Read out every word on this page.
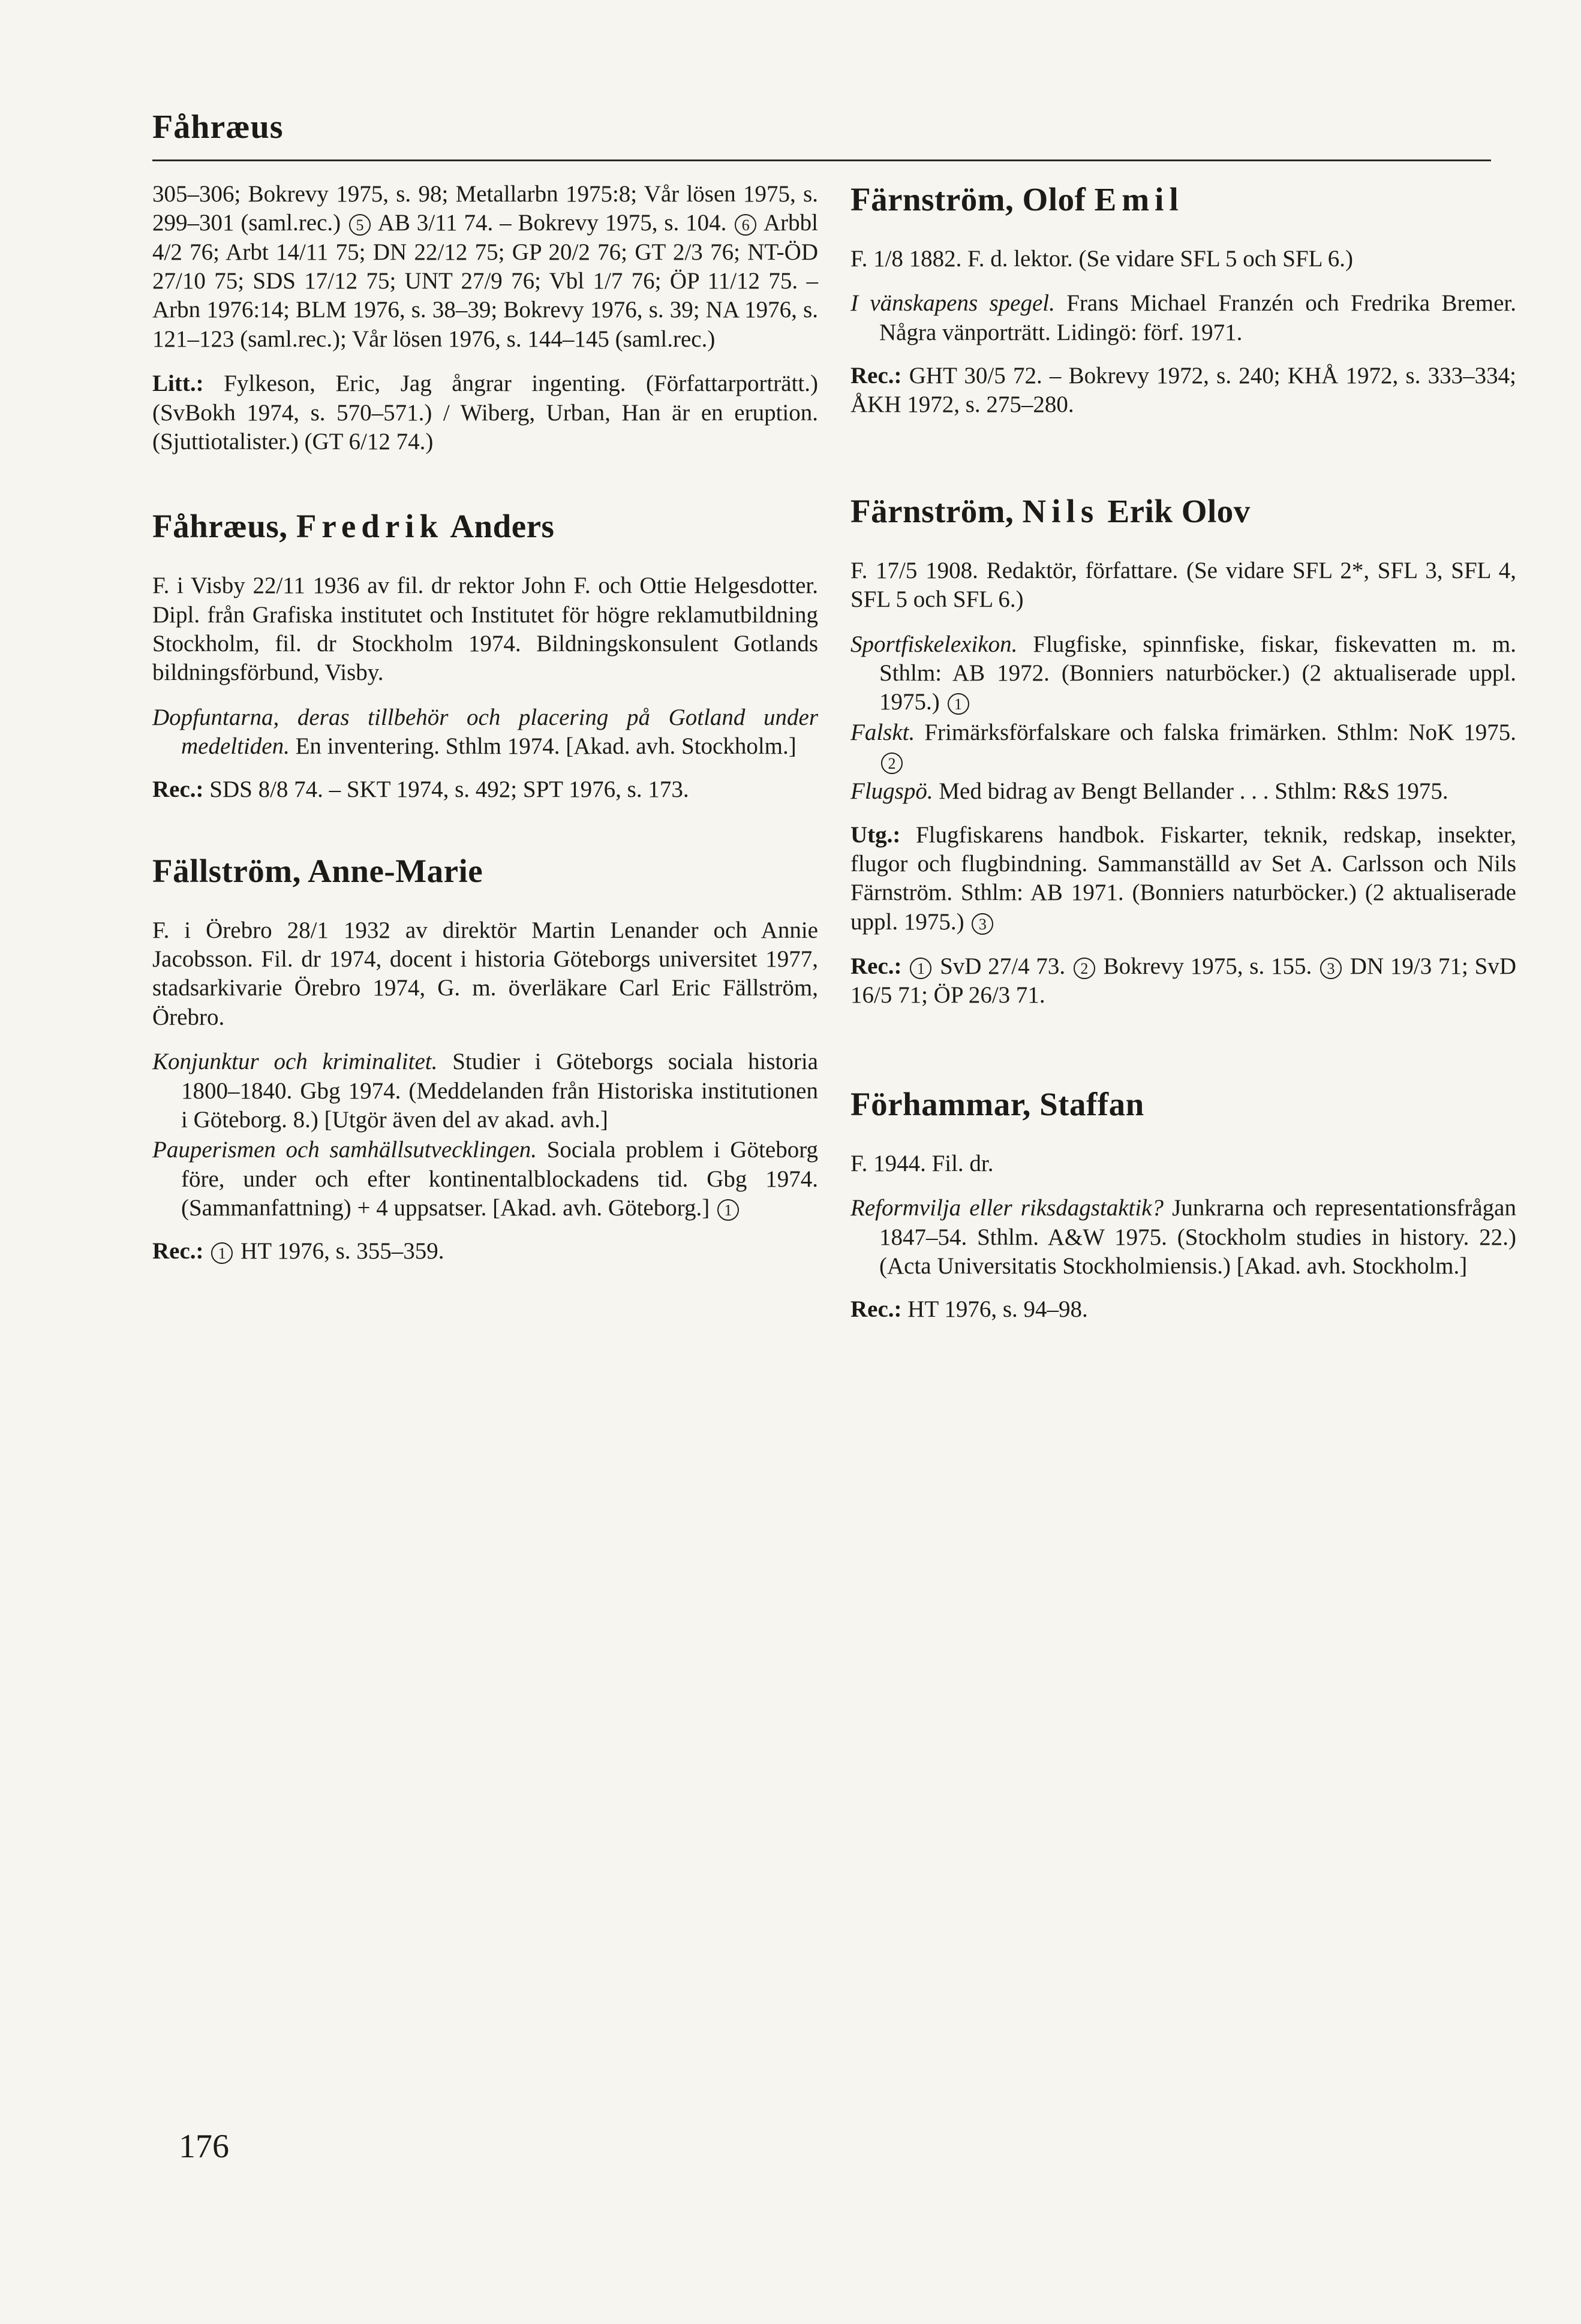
Fåhræus

305–306; Bokrevy 1975, s. 98; Metallarbn 1975:8; Vår lösen 1975, s. 299–301 (saml.rec.) 5 AB 3/11 74. – Bokrevy 1975, s. 104. 6 Arbbl 4/2 76; Arbt 14/11 75; DN 22/12 75; GP 20/2 76; GT 2/3 76; NT-ÖD 27/10 75; SDS 17/12 75; UNT 27/9 76; Vbl 1/7 76; ÖP 11/12 75. – Arbn 1976:14; BLM 1976, s. 38–39; Bokrevy 1976, s. 39; NA 1976, s. 121–123 (saml.rec.); Vår lösen 1976, s. 144–145 (saml.rec.)

Litt.: Fylkeson, Eric, Jag ångrar ingenting. (Författarporträtt.) (SvBokh 1974, s. 570–571.) / Wiberg, Urban, Han är en eruption. (Sjuttiotalister.) (GT 6/12 74.)

Fåhræus, Fredrik Anders

F. i Visby 22/11 1936 av fil. dr rektor John F. och Ottie Helgesdotter. Dipl. från Grafiska institutet och Institutet för högre reklamutbildning Stockholm, fil. dr Stockholm 1974. Bildningskonsulent Gotlands bildningsförbund, Visby.

Dopfuntarna, deras tillbehör och placering på Gotland under medeltiden. En inventering. Sthlm 1974. [Akad. avh. Stockholm.]

Rec.: SDS 8/8 74. – SKT 1974, s. 492; SPT 1976, s. 173.

Fällström, Anne-Marie

F. i Örebro 28/1 1932 av direktör Martin Lenander och Annie Jacobsson. Fil. dr 1974, docent i historia Göteborgs universitet 1977, stadsarkivarie Örebro 1974, G. m. överläkare Carl Eric Fällström, Örebro.

Konjunktur och kriminalitet. Studier i Göteborgs sociala historia 1800–1840. Gbg 1974. (Meddelanden från Historiska institutionen i Göteborg. 8.) [Utgör även del av akad. avh.]

Pauperismen och samhällsutvecklingen. Sociala problem i Göteborg före, under och efter kontinentalblockadens tid. Gbg 1974. (Sammanfattning) + 4 uppsatser. [Akad. avh. Göteborg.] 1

Rec.: 1 HT 1976, s. 355–359.

Färnström, Olof Emil

F. 1/8 1882. F. d. lektor. (Se vidare SFL 5 och SFL 6.)

I vänskapens spegel. Frans Michael Franzén och Fredrika Bremer. Några vänporträtt. Lidingö: förf. 1971.

Rec.: GHT 30/5 72. – Bokrevy 1972, s. 240; KHÅ 1972, s. 333–334; ÅKH 1972, s. 275–280.

Färnström, Nils Erik Olov

F. 17/5 1908. Redaktör, författare. (Se vidare SFL 2*, SFL 3, SFL 4, SFL 5 och SFL 6.)

Sportfiskelexikon. Flugfiske, spinnfiske, fiskar, fiskevatten m. m. Sthlm: AB 1972. (Bonniers naturböcker.) (2 aktualiserade uppl. 1975.) 1

Falskt. Frimärksförfalskare och falska frimärken. Sthlm: NoK 1975. 2

Flugspö. Med bidrag av Bengt Bellander . . . Sthlm: R&S 1975.

Utg.: Flugfiskarens handbok. Fiskarter, teknik, redskap, insekter, flugor och flugbindning. Sammanställd av Set A. Carlsson och Nils Färnström. Sthlm: AB 1971. (Bonniers naturböcker.) (2 aktualiserade uppl. 1975.) 3

Rec.: 1 SvD 27/4 73. 2 Bokrevy 1975, s. 155. 3 DN 19/3 71; SvD 16/5 71; ÖP 26/3 71.

Förhammar, Staffan

F. 1944. Fil. dr.

Reformvilja eller riksdagstaktik? Junkrarna och representationsfrågan 1847–54. Sthlm. A&W 1975. (Stockholm studies in history. 22.) (Acta Universitatis Stockholmiensis.) [Akad. avh. Stockholm.]

Rec.: HT 1976, s. 94–98.

176
